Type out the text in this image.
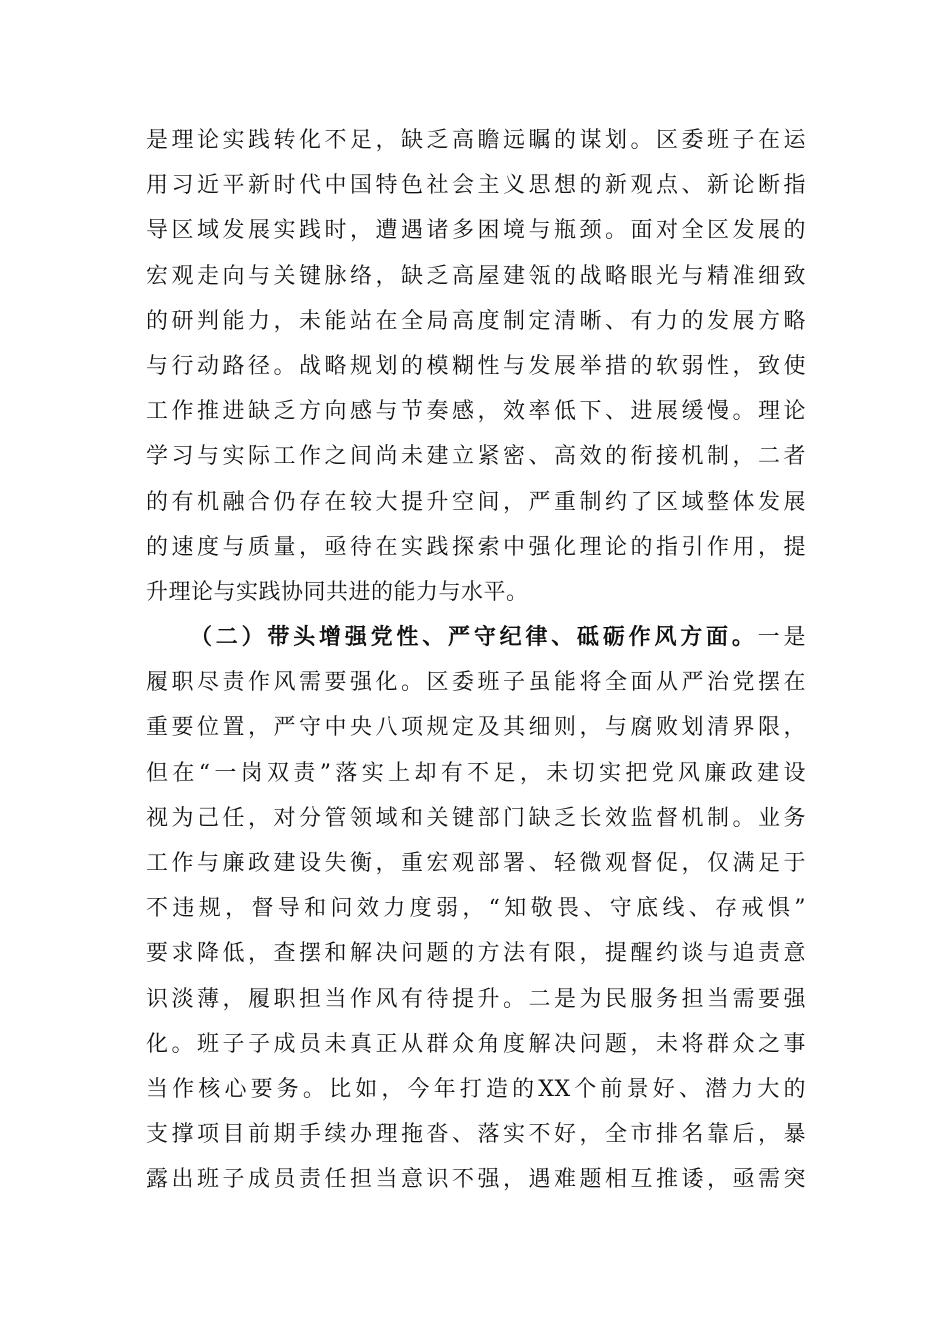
是理论实践转化不足，缺乏高瞻远瞩的谋划。区委班子在运
用习近平新时代中国特色社会主义思想的新观点、新论断指
导区域发展实践时，遭遇诸多困境与瓶颈。面对全区发展的
宏观走向与关键脉络，缺乏高屋建瓴的战略眼光与精准细致
的研判能力，未能站在全局高度制定清晰、有力的发展方略
与行动路径。战略规划的模糊性与发展举措的软弱性，致使
工作推进缺乏方向感与节奏感，效率低下、进展缓慢。理论
学习与实际工作之间尚未建立紧密、高效的衔接机制，二者
的有机融合仍存在较大提升空间，严重制约了区域整体发展
的速度与质量，亟待在实践探索中强化理论的指引作用，提
升理论与实践协同共进的能力与水平。
（二）带头增强党性、严守纪律、砥砺作风方面。一是
履职尽责作风需要强化。区委班子虽能将全面从严治党摆在
重要位置，严守中央八项规定及其细则，与腐败划清界限，
但在“一岗双责”落实上却有不足，未切实把党风廉政建设
视为己任，对分管领域和关键部门缺乏长效监督机制。业务
工作与廉政建设失衡，重宏观部署、轻微观督促，仅满足于
不违规，督导和问效力度弱，“知敬畏、守底线、存戒惧”
要求降低，查摆和解决问题的方法有限，提醒约谈与追责意
识淡薄，履职担当作风有待提升。二是为民服务担当需要强
化。班子子成员未真正从群众角度解决问题，未将群众之事
当作核心要务。比如，今年打造的XX个前景好、潜力大的
支撑项目前期手续办理拖沓、落实不好，全市排名靠后，暴
露出班子成员责任担当意识不强，遇难题相互推诿，亟需突
